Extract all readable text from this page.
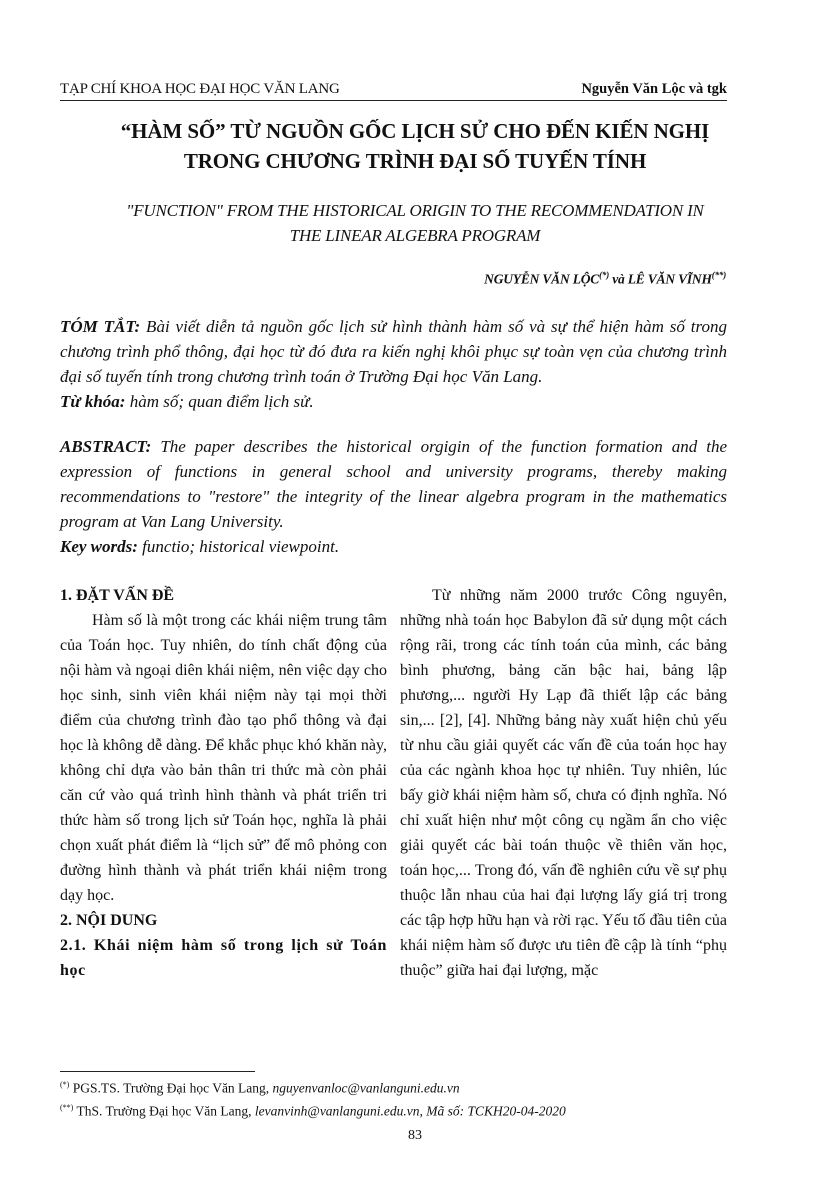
TẠP CHÍ KHOA HỌC ĐẠI HỌC VĂN LANG	Nguyễn Văn Lộc và tgk
“HÀM SỐ” TỪ NGUỒN GỐC LỊCH SỬ CHO ĐẾN KIẾN NGHỊ
TRONG CHƯƠNG TRÌNH ĐẠI SỐ TUYẾN TÍNH
"FUNCTION" FROM THE HISTORICAL ORIGIN TO THE RECOMMENDATION IN
THE LINEAR ALGEBRA PROGRAM
NGUYỄN VĂN LỘC(*) và LÊ VĂN VĨNH(**)
TÓM TẮT: Bài viết diễn tả nguồn gốc lịch sử hình thành hàm số và sự thể hiện hàm số trong chương trình phổ thông, đại học từ đó đưa ra kiến nghị khôi phục sự toàn vẹn của chương trình đại số tuyến tính trong chương trình toán ở Trường Đại học Văn Lang.
Từ khóa: hàm số; quan điểm lịch sử.
ABSTRACT: The paper describes the historical orgigin of the function formation and the expression of functions in general school and university programs, thereby making recommendations to "restore" the integrity of the linear algebra program in the mathematics program at Van Lang University.
Key words: functio; historical viewpoint.
1. ĐẶT VẤN ĐỀ

Hàm số là một trong các khái niệm trung tâm của Toán học. Tuy nhiên, do tính chất động của nội hàm và ngoại diên khái niệm, nên việc dạy cho học sinh, sinh viên khái niệm này tại mọi thời điểm của chương trình đào tạo phổ thông và đại học là không dễ dàng. Để khắc phục khó khăn này, không chỉ dựa vào bản thân tri thức mà còn phải căn cứ vào quá trình hình thành và phát triển tri thức hàm số trong lịch sử Toán học, nghĩa là phải chọn xuất phát điểm là “lịch sử” để mô phỏng con đường hình thành và phát triển khái niệm trong dạy học.

2. NỘI DUNG
2.1. Khái niệm hàm số trong lịch sử Toán học

Từ những năm 2000 trước Công nguyên, những nhà toán học Babylon đã sử dụng một cách rộng rãi, trong các tính toán của mình, các bảng bình phương, bảng căn bậc hai, bảng lập phương,... người Hy Lạp đã thiết lập các bảng sin,... [2], [4]. Những bảng này xuất hiện chủ yếu từ nhu cầu giải quyết các vấn đề của toán học hay của các ngành khoa học tự nhiên. Tuy nhiên, lúc bấy giờ khái niệm hàm số, chưa có định nghĩa. Nó chỉ xuất hiện như một công cụ ngầm ẩn cho việc giải quyết các bài toán thuộc về thiên văn học, toán học,... Trong đó, vấn đề nghiên cứu về sự phụ thuộc lẫn nhau của hai đại lượng lấy giá trị trong các tập hợp hữu hạn và rời rạc. Yếu tố đầu tiên của khái niệm hàm số được ưu tiên đề cập là tính “phụ thuộc” giữa hai đại lượng, mặc

(*) PGS.TS. Trường Đại học Văn Lang, nguyenvanloc@vanlanguni.edu.vn
(**) ThS. Trường Đại học Văn Lang, levanvinh@vanlanguni.edu.vn, Mã số: TCKH20-04-2020
83
